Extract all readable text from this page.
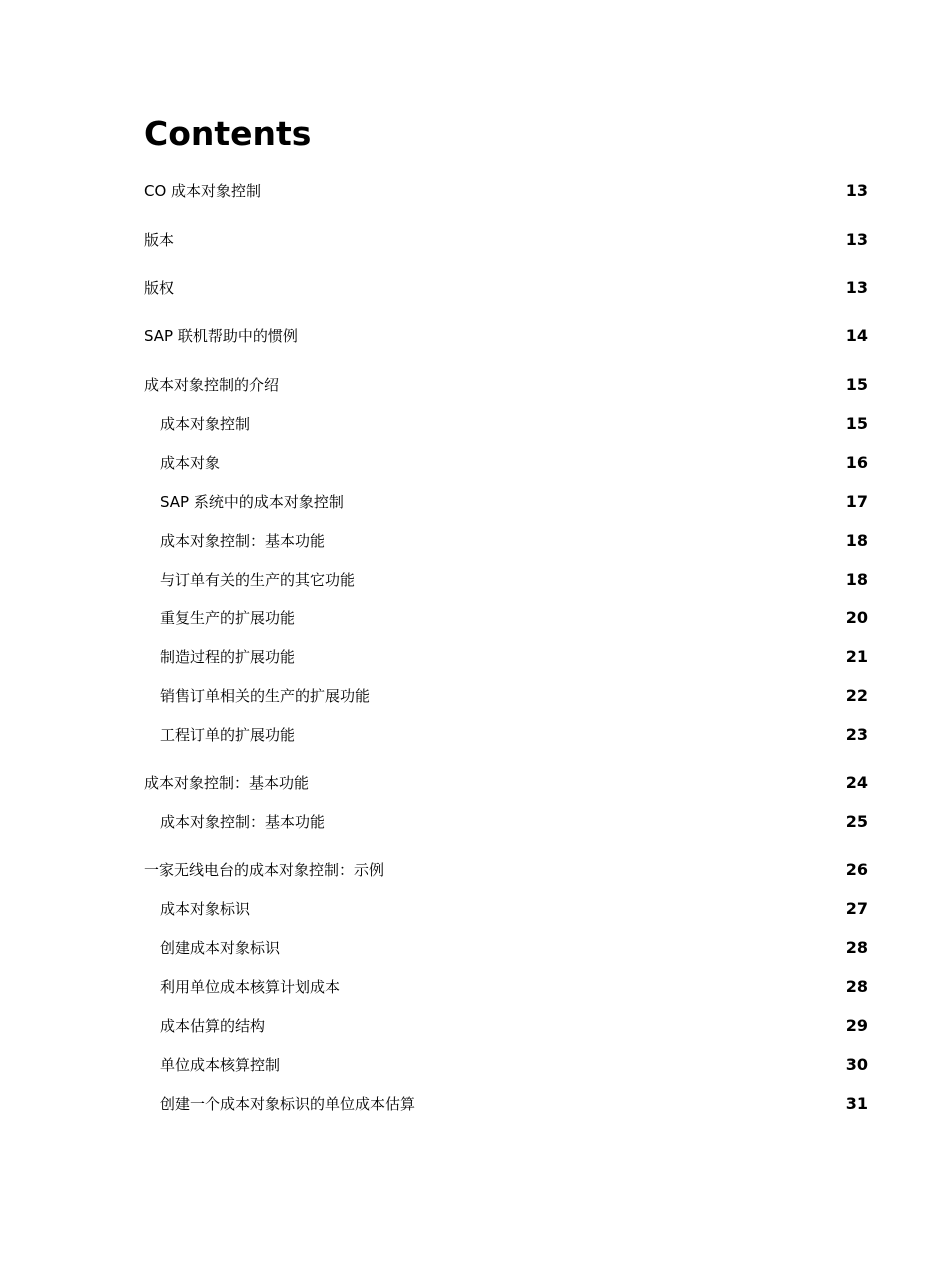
Contents
CO 成本对象控制	13
版本	13
版权	13
SAP 联机帮助中的惯例	14
成本对象控制的介绍	15
成本对象控制	15
成本对象	16
SAP 系统中的成本对象控制	17
成本对象控制：基本功能	18
与订单有关的生产的其它功能	18
重复生产的扩展功能	20
制造过程的扩展功能	21
销售订单相关的生产的扩展功能	22
工程订单的扩展功能	23
成本对象控制：基本功能	24
成本对象控制：基本功能	25
一家无线电台的成本对象控制：示例	26
成本对象标识	27
创建成本对象标识	28
利用单位成本核算计划成本	28
成本估算的结构	29
单位成本核算控制	30
创建一个成本对象标识的单位成本估算	31
